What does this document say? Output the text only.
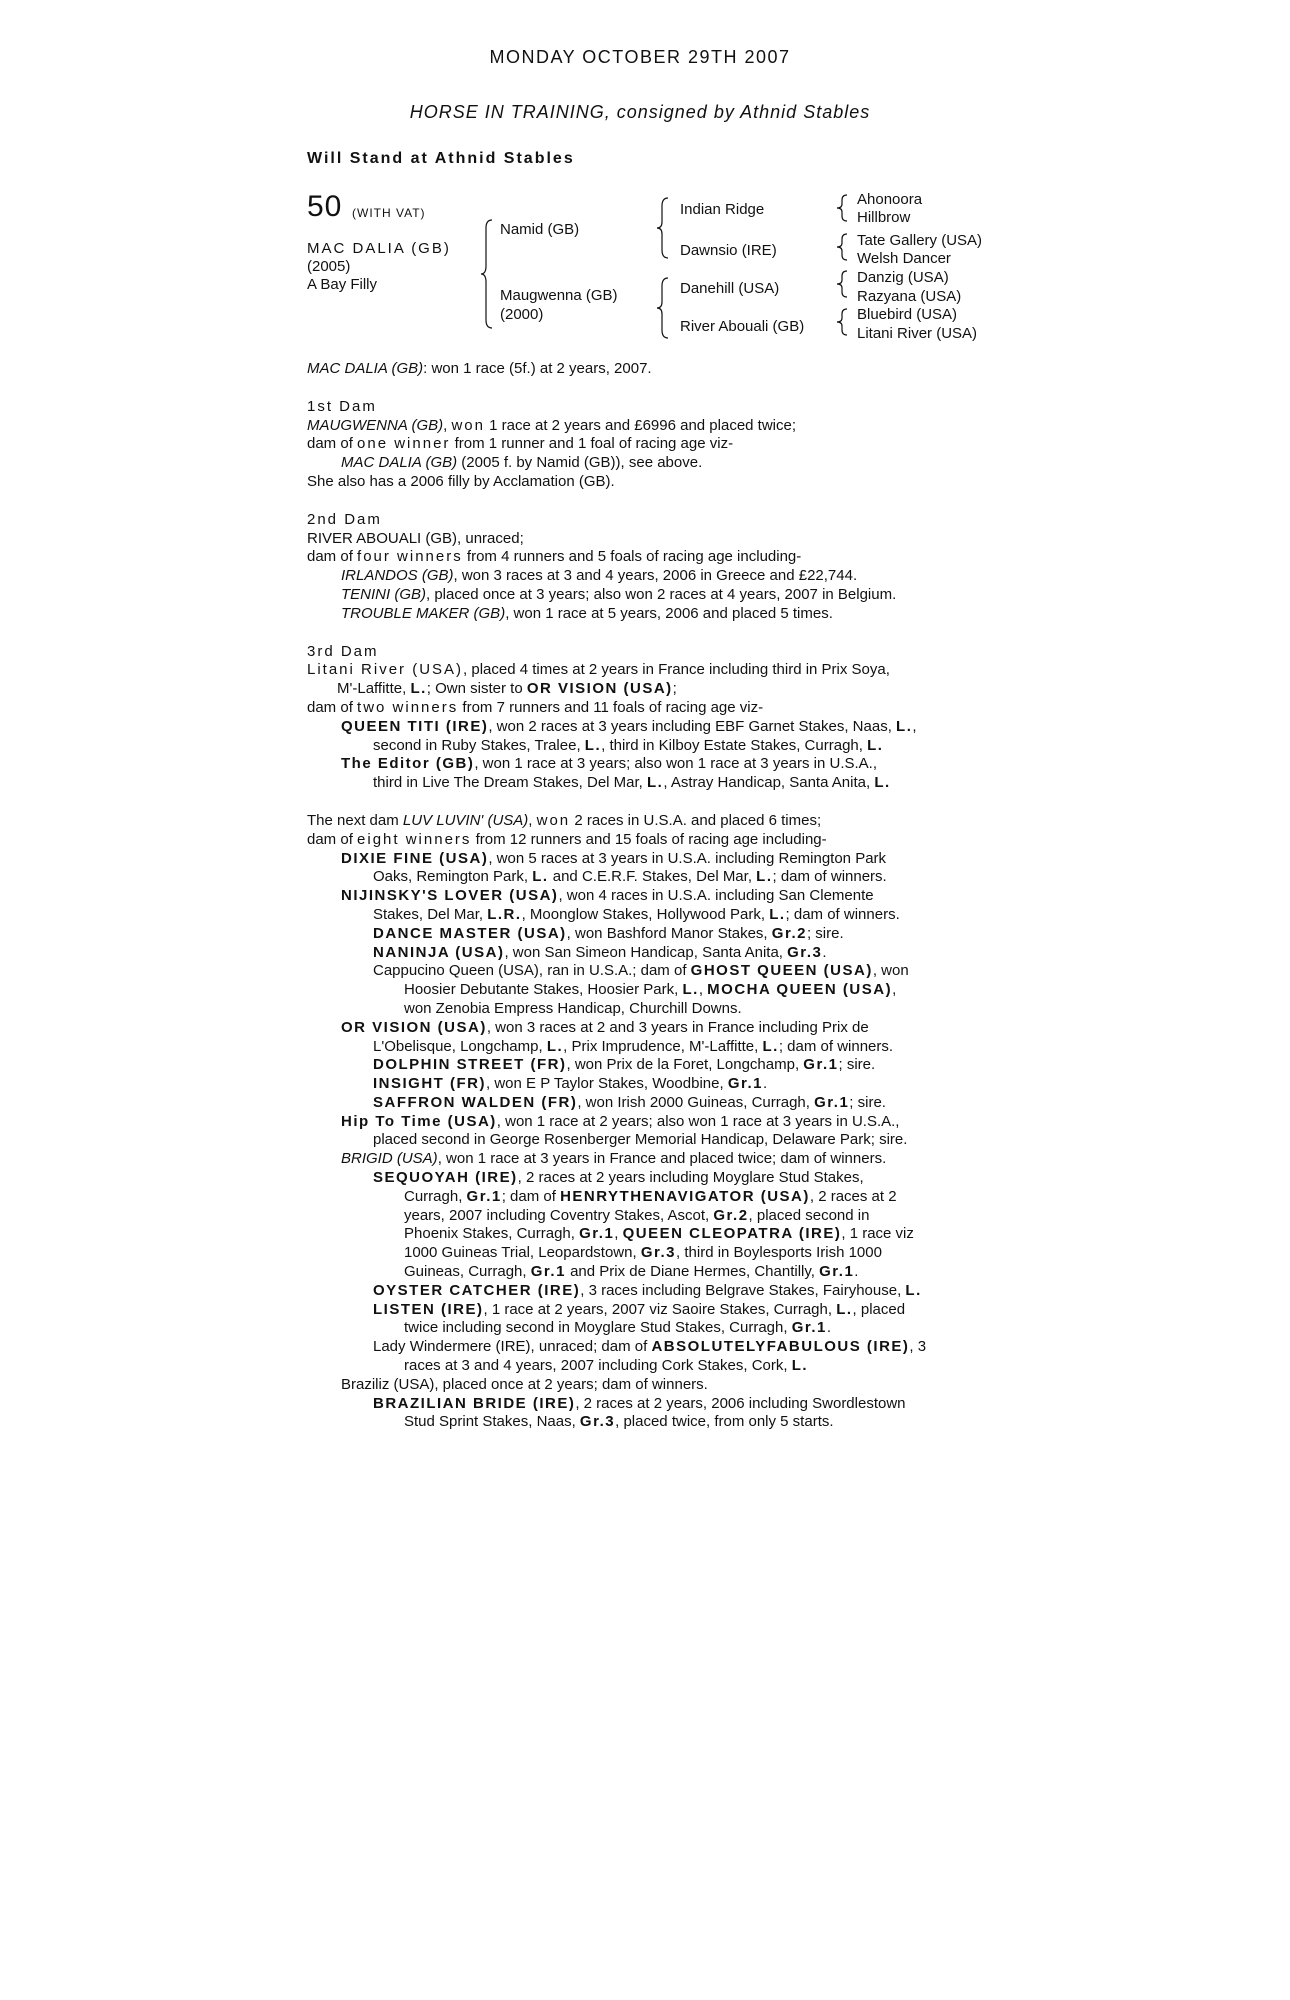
MONDAY OCTOBER 29TH 2007
HORSE IN TRAINING, consigned by Athnid Stables
Will Stand at Athnid Stables
50 (WITH VAT)
MAC DALIA (GB)
(2005)
A Bay Filly
Namid (GB)
Maugwenna (GB)
(2000)
Indian Ridge
Dawnsio (IRE)
Danehill (USA)
River Abouali (GB)
Ahonoora
Hillbrow
Tate Gallery (USA)
Welsh Dancer
Danzig (USA)
Razyana (USA)
Bluebird (USA)
Litani River (USA)
MAC DALIA (GB): won 1 race (5f.) at 2 years, 2007.
1st Dam
MAUGWENNA (GB), won 1 race at 2 years and £6996 and placed twice;
dam of one winner from 1 runner and 1 foal of racing age viz-
MAC DALIA (GB) (2005 f. by Namid (GB)), see above.
She also has a 2006 filly by Acclamation (GB).
2nd Dam
RIVER ABOUALI (GB), unraced;
dam of four winners from 4 runners and 5 foals of racing age including-
IRLANDOS (GB), won 3 races at 3 and 4 years, 2006 in Greece and £22,744.
TENINI (GB), placed once at 3 years; also won 2 races at 4 years, 2007 in Belgium.
TROUBLE MAKER (GB), won 1 race at 5 years, 2006 and placed 5 times.
3rd Dam
Litani River (USA), placed 4 times at 2 years in France including third in Prix Soya,
M'-Laffitte, L.; Own sister to OR VISION (USA);
dam of two winners from 7 runners and 11 foals of racing age viz-
QUEEN TITI (IRE), won 2 races at 3 years including EBF Garnet Stakes, Naas, L.,
second in Ruby Stakes, Tralee, L., third in Kilboy Estate Stakes, Curragh, L.
The Editor (GB), won 1 race at 3 years; also won 1 race at 3 years in U.S.A.,
third in Live The Dream Stakes, Del Mar, L., Astray Handicap, Santa Anita, L.
The next dam LUV LUVIN' (USA), won 2 races in U.S.A. and placed 6 times;
dam of eight winners from 12 runners and 15 foals of racing age including-
DIXIE FINE (USA), won 5 races at 3 years in U.S.A. including Remington Park
Oaks, Remington Park, L. and C.E.R.F. Stakes, Del Mar, L.; dam of winners.
NIJINSKY'S LOVER (USA), won 4 races in U.S.A. including San Clemente
Stakes, Del Mar, L.R., Moonglow Stakes, Hollywood Park, L.; dam of winners.
DANCE MASTER (USA), won Bashford Manor Stakes, Gr.2; sire.
NANINJA (USA), won San Simeon Handicap, Santa Anita, Gr.3.
Cappucino Queen (USA), ran in U.S.A.; dam of GHOST QUEEN (USA), won
Hoosier Debutante Stakes, Hoosier Park, L., MOCHA QUEEN (USA),
won Zenobia Empress Handicap, Churchill Downs.
OR VISION (USA), won 3 races at 2 and 3 years in France including Prix de
L'Obelisque, Longchamp, L., Prix Imprudence, M'-Laffitte, L.; dam of winners.
DOLPHIN STREET (FR), won Prix de la Foret, Longchamp, Gr.1; sire.
INSIGHT (FR), won E P Taylor Stakes, Woodbine, Gr.1.
SAFFRON WALDEN (FR), won Irish 2000 Guineas, Curragh, Gr.1; sire.
Hip To Time (USA), won 1 race at 2 years; also won 1 race at 3 years in U.S.A.,
placed second in George Rosenberger Memorial Handicap, Delaware Park; sire.
BRIGID (USA), won 1 race at 3 years in France and placed twice; dam of winners.
SEQUOYAH (IRE), 2 races at 2 years including Moyglare Stud Stakes,
Curragh, Gr.1; dam of HENRYTHENAVIGATOR (USA), 2 races at 2
years, 2007 including Coventry Stakes, Ascot, Gr.2, placed second in
Phoenix Stakes, Curragh, Gr.1, QUEEN CLEOPATRA (IRE), 1 race viz
1000 Guineas Trial, Leopardstown, Gr.3, third in Boylesports Irish 1000
Guineas, Curragh, Gr.1 and Prix de Diane Hermes, Chantilly, Gr.1.
OYSTER CATCHER (IRE), 3 races including Belgrave Stakes, Fairyhouse, L.
LISTEN (IRE), 1 race at 2 years, 2007 viz Saoire Stakes, Curragh, L., placed
twice including second in Moyglare Stud Stakes, Curragh, Gr.1.
Lady Windermere (IRE), unraced; dam of ABSOLUTELYFABULOUS (IRE), 3
races at 3 and 4 years, 2007 including Cork Stakes, Cork, L.
Braziliz (USA), placed once at 2 years; dam of winners.
BRAZILIAN BRIDE (IRE), 2 races at 2 years, 2006 including Swordlestown
Stud Sprint Stakes, Naas, Gr.3, placed twice, from only 5 starts.
